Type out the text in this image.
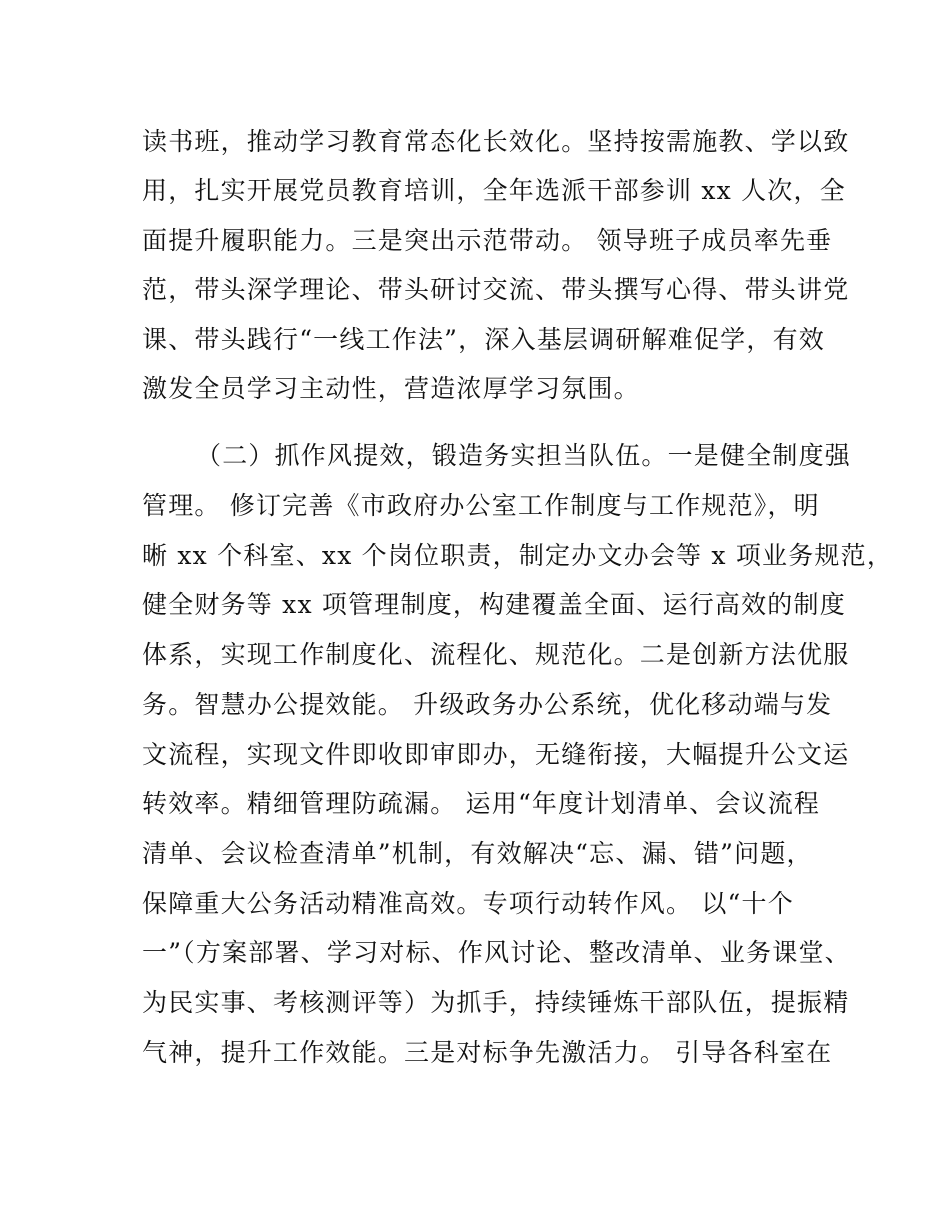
读书班，推动学习教育常态化长效化。坚持按需施教、学以致
用，扎实开展党员教育培训，全年选派干部参训 xx 人次，全
面提升履职能力。三是突出示范带动。 领导班子成员率先垂
范，带头深学理论、带头研讨交流、带头撰写心得、带头讲党
课、带头践行“一线工作法”，深入基层调研解难促学，有效
激发全员学习主动性，营造浓厚学习氛围。
（二）抓作风提效，锻造务实担当队伍。一是健全制度强
管理。 修订完善《市政府办公室工作制度与工作规范》，明
晰 xx 个科室、xx 个岗位职责，制定办文办会等 x 项业务规范，
健全财务等 xx 项管理制度，构建覆盖全面、运行高效的制度
体系，实现工作制度化、流程化、规范化。二是创新方法优服
务。智慧办公提效能。 升级政务办公系统，优化移动端与发
文流程，实现文件即收即审即办，无缝衔接，大幅提升公文运
转效率。精细管理防疏漏。 运用“年度计划清单、会议流程
清单、会议检查清单”机制，有效解决“忘、漏、错”问题，
保障重大公务活动精准高效。专项行动转作风。 以“十个
一”（方案部署、学习对标、作风讨论、整改清单、业务课堂、
为民实事、考核测评等）为抓手，持续锤炼干部队伍，提振精
气神，提升工作效能。三是对标争先激活力。 引导各科室在
